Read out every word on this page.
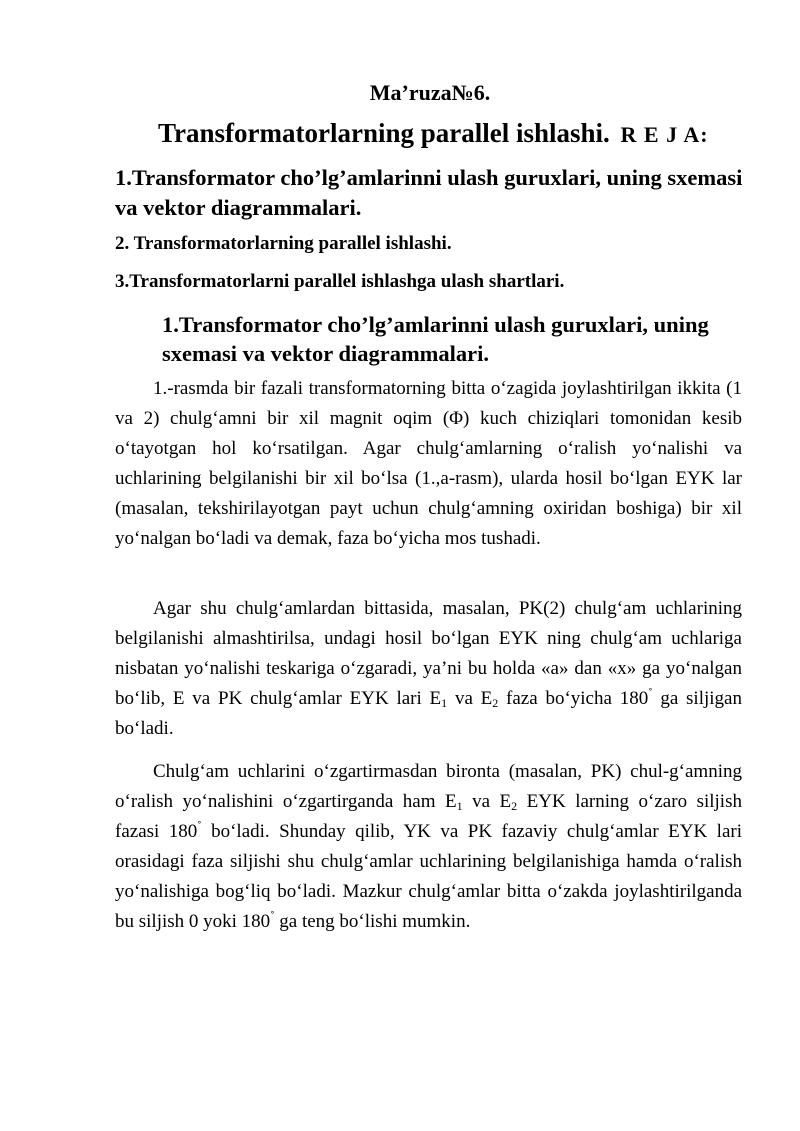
Ma’ruza№6.
Transformatorlarning parallel ishlashi. R E J A:
1.Transformator cho’lg’amlarinni ulash guruxlari, uning sxemasi va vektor diagrammalari.
2. Transformatorlarning parallel ishlashi.
3.Transformatorlarni parallel ishlashga ulash shartlari.
1.Transformator cho’lg’amlarinni ulash guruxlari, uning sxemasi va vektor diagrammalari.

1.-rasmda bir fazali transformatorning bitta o‘zagida joylashtirilgan ikkita (1 va 2) chulg‘amni bir xil magnit oqim (Φ) kuch chiziqlari tomonidan kesib o‘tayotgan hol ko‘rsatilgan. Agar chulg‘amlarning o‘ralish yo‘nalishi va uchlarining belgilanishi bir xil bo‘lsa (1.,a-rasm), ularda hosil bo‘lgan EYK lar (masalan, tekshirilayotgan payt uchun chulg‘amning oxiridan boshiga) bir xil yo‘nalgan bo‘ladi va demak, faza bo‘yicha mos tushadi.

Agar shu chulg‘amlardan bittasida, masalan, PK(2) chulg‘am uchlarining belgilanishi almashtirilsa, undagi hosil bo‘lgan EYK ning chulg‘am uchlariga nisbatan yo‘nalishi teskariga o‘zgaradi, ya’ni bu holda «a» dan «x» ga yo‘nalgan bo‘lib, E va PK chulg‘amlar EYK lari $E_1$ va $E_2$ faza bo‘yicha 180˚ ga siljigan bo‘ladi.

Chulg‘am uchlarini o‘zgartirmasdan bironta (masalan, PK) chul-g‘amning o‘ralish yo‘nalishini o‘zgartirganda ham $E_1$ va $E_2$ EYK larning o‘zaro siljish fazasi 180˚ bo‘ladi. Shunday qilib, YK va PK fazaviy chulg‘amlar EYK lari orasidagi faza siljishi shu chulg‘amlar uchlarining belgilanishiga hamda o‘ralish yo‘nalishiga bog‘liq bo‘ladi. Mazkur chulg‘amlar bitta o‘zakda joylashtirilganda bu siljish 0 yoki 180˚ ga teng bo‘lishi mumkin.
